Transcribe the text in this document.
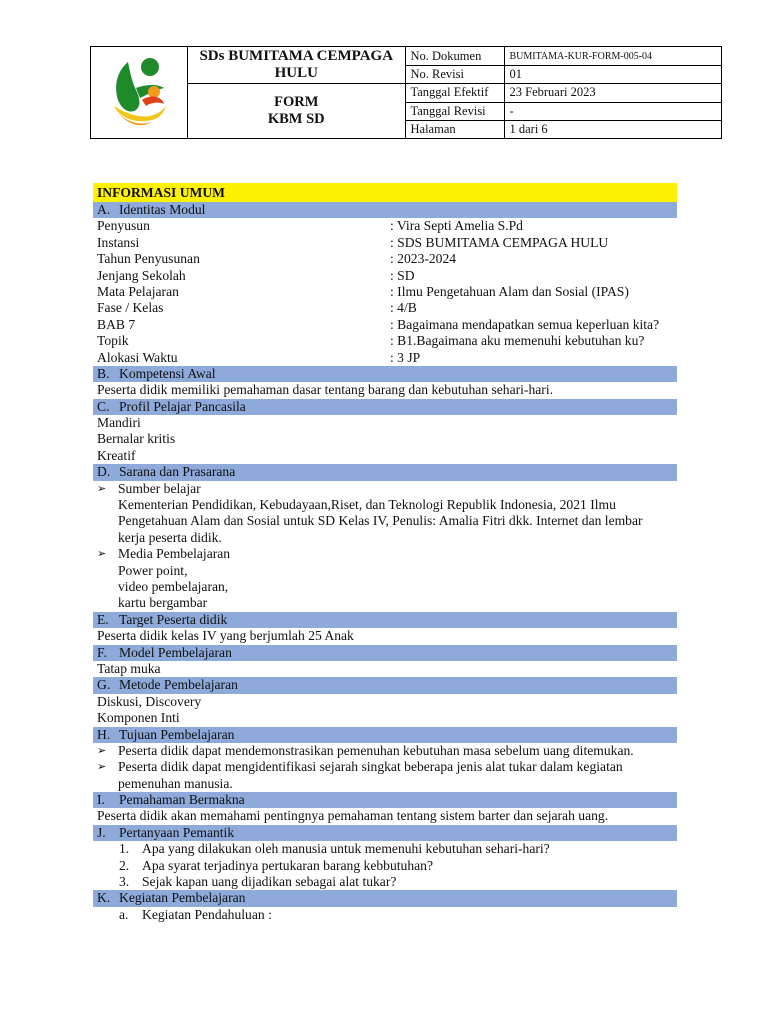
	SDs BUMITAMA CEMPAGA HULU	No. Dokumen	BUMITAMA-KUR-FORM-005-04
		No. Revisi	01

	FORM
KBM SD	Tanggal Efektif	23 Februari 2023
		Tanggal Revisi	-
		Halaman	1 dari 6
INFORMASI UMUM
A. Identitas Modul
Penyusun	: Vira Septi Amelia S.Pd
Instansi	: SDS BUMITAMA CEMPAGA HULU
Tahun Penyusunan	: 2023-2024
Jenjang Sekolah	: SD
Mata Pelajaran	: Ilmu Pengetahuan Alam dan Sosial (IPAS)
Fase / Kelas	: 4/B
BAB 7	: Bagaimana mendapatkan semua keperluan kita?
Topik	: B1.Bagaimana aku memenuhi kebutuhan ku?
Alokasi Waktu	: 3 JP
B. Kompetensi Awal
Peserta didik memiliki pemahaman dasar tentang barang dan kebutuhan sehari-hari.
C. Profil Pelajar Pancasila
Mandiri
Bernalar kritis
Kreatif
D. Sarana dan Prasarana
➢ Sumber belajar
Kementerian Pendidikan, Kebudayaan,Riset, dan Teknologi Republik Indonesia, 2021 Ilmu
Pengetahuan Alam dan Sosial untuk SD Kelas IV, Penulis: Amalia Fitri dkk. Internet dan lembar
kerja peserta didik.
➢ Media Pembelajaran
Power point,
video pembelajaran,
kartu bergambar
E. Target Peserta didik
Peserta didik kelas IV yang berjumlah 25 Anak
F. Model Pembelajaran
Tatap muka
G. Metode Pembelajaran
Diskusi, Discovery
Komponen Inti
H. Tujuan Pembelajaran
➢ Peserta didik dapat mendemonstrasikan pemenuhan kebutuhan masa sebelum uang ditemukan.
➢ Peserta didik dapat mengidentifikasi sejarah singkat beberapa jenis alat tukar dalam kegiatan
pemenuhan manusia.
I. Pemahaman Bermakna
Peserta didik akan memahami pentingnya pemahaman tentang sistem barter dan sejarah uang.
J. Pertanyaan Pemantik
1. Apa yang dilakukan oleh manusia untuk memenuhi kebutuhan sehari-hari?
2. Apa syarat terjadinya pertukaran barang kebbutuhan?
3. Sejak kapan uang dijadikan sebagai alat tukar?
K. Kegiatan Pembelajaran
a. Kegiatan Pendahuluan :
